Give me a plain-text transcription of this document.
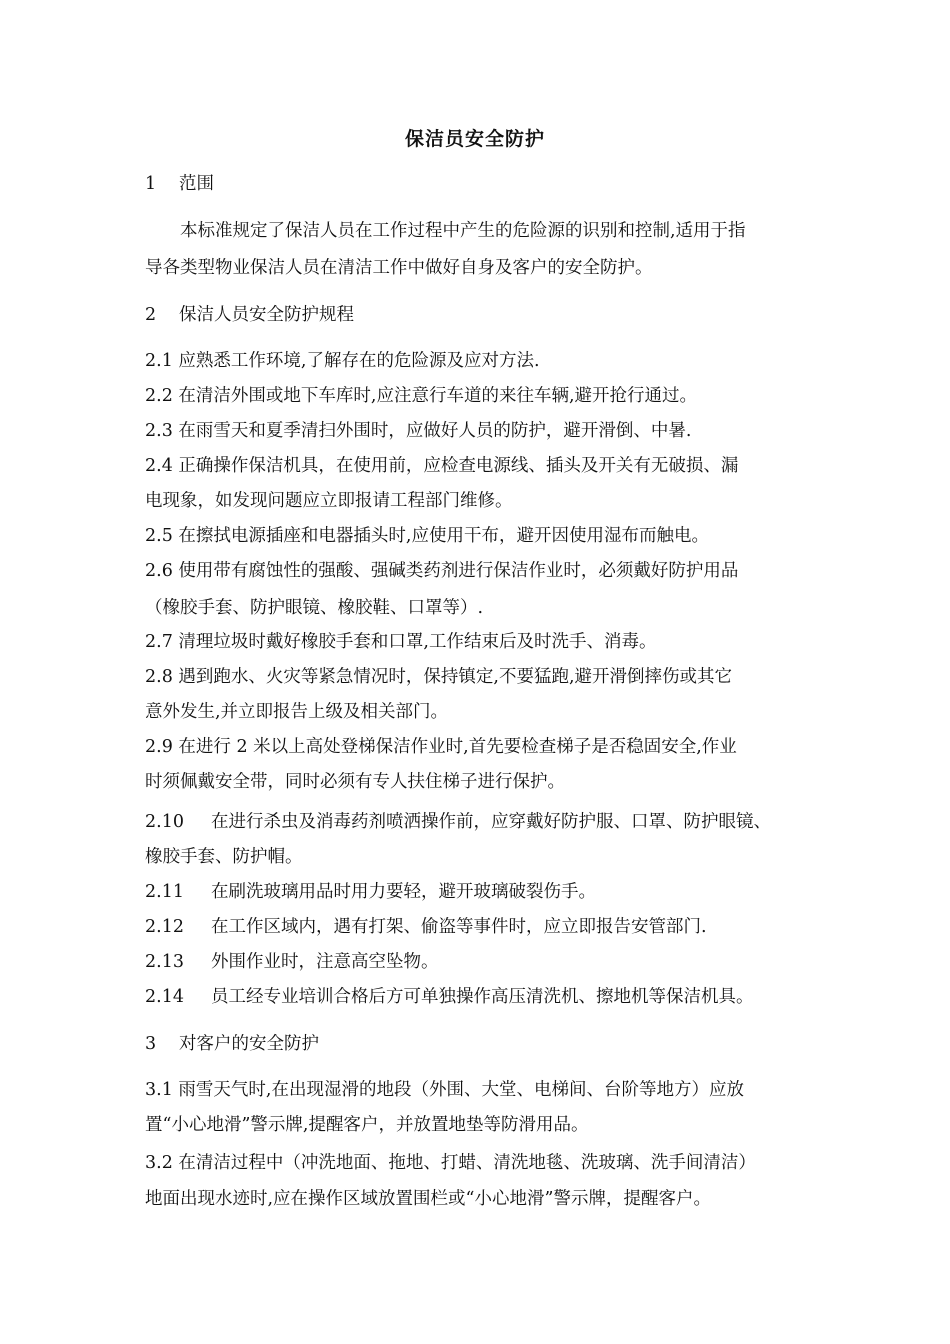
保洁员安全防护
1 范围
本标准规定了保洁人员在工作过程中产生的危险源的识别和控制,适用于指
导各类型物业保洁人员在清洁工作中做好自身及客户的安全防护。
2 保洁人员安全防护规程
2.1 应熟悉工作环境,了解存在的危险源及应对方法.
2.2 在清洁外围或地下车库时,应注意行车道的来往车辆,避开抢行通过。
2.3 在雨雪天和夏季清扫外围时，应做好人员的防护，避开滑倒、中暑.
2.4 正确操作保洁机具，在使用前，应检查电源线、插头及开关有无破损、漏
电现象，如发现问题应立即报请工程部门维修。
2.5 在擦拭电源插座和电器插头时,应使用干布，避开因使用湿布而触电。
2.6 使用带有腐蚀性的强酸、强碱类药剂进行保洁作业时，必须戴好防护用品
（橡胶手套、防护眼镜、橡胶鞋、口罩等）.
2.7 清理垃圾时戴好橡胶手套和口罩,工作结束后及时洗手、消毒。
2.8 遇到跑水、火灾等紧急情况时，保持镇定,不要猛跑,避开滑倒摔伤或其它
意外发生,并立即报告上级及相关部门。
2.9 在进行 2 米以上高处登梯保洁作业时,首先要检查梯子是否稳固安全,作业
时须佩戴安全带，同时必须有专人扶住梯子进行保护。
2.10 在进行杀虫及消毒药剂喷洒操作前，应穿戴好防护服、口罩、防护眼镜、
橡胶手套、防护帽。
2.11 在刷洗玻璃用品时用力要轻，避开玻璃破裂伤手。
2.12 在工作区域内，遇有打架、偷盗等事件时，应立即报告安管部门.
2.13 外围作业时，注意高空坠物。
2.14 员工经专业培训合格后方可单独操作高压清洗机、擦地机等保洁机具。
3 对客户的安全防护
3.1 雨雪天气时,在出现湿滑的地段（外围、大堂、电梯间、台阶等地方）应放
置“小心地滑”警示牌,提醒客户，并放置地垫等防滑用品。
3.2 在清洁过程中（冲洗地面、拖地、打蜡、清洗地毯、洗玻璃、洗手间清洁）
地面出现水迹时,应在操作区域放置围栏或“小心地滑”警示牌，提醒客户。
